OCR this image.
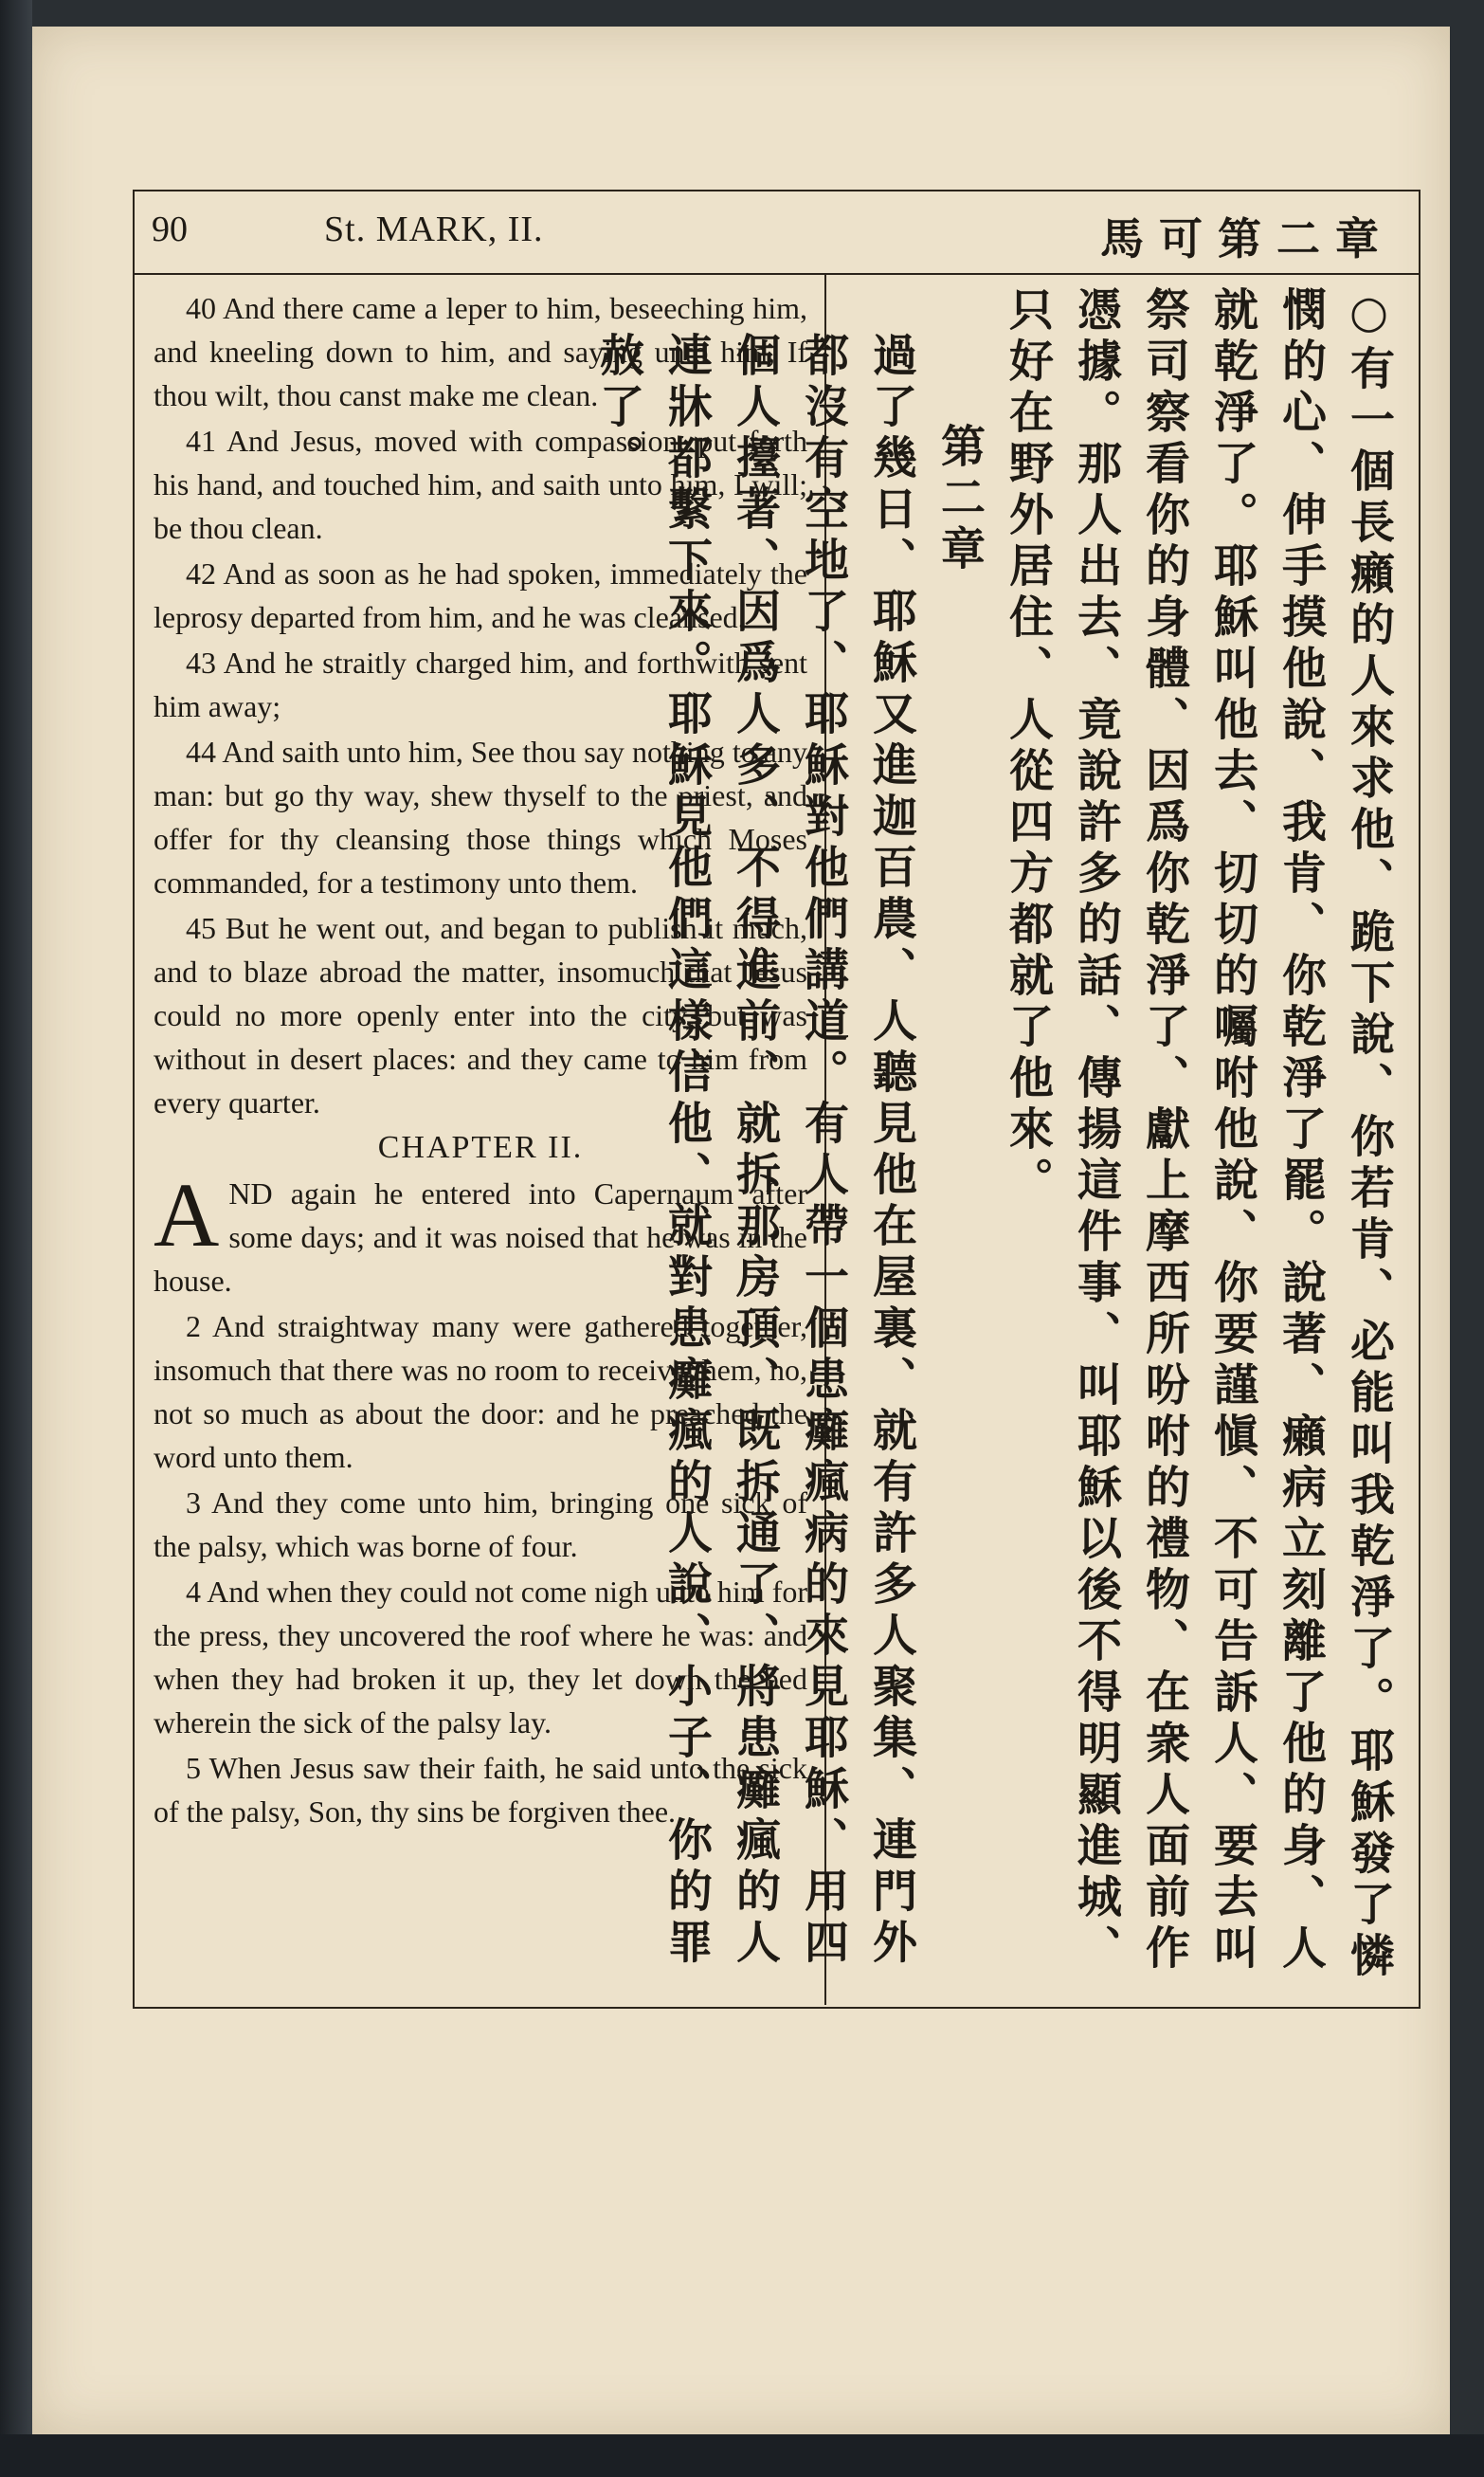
90	St. MARK, II.	馬可第二章

40 And there came a leper to him, beseeching him, and kneeling down to him, and saying unto him, If thou wilt, thou canst make me clean.

41 And Jesus, moved with compassion, put forth his hand, and touched him, and saith unto him, I will; be thou clean.

42 And as soon as he had spoken, immediately the leprosy departed from him, and he was cleansed.

43 And he straitly charged him, and forthwith sent him away;

44 And saith unto him, See thou say nothing to any man: but go thy way, shew thyself to the priest, and offer for thy cleansing those things which Moses commanded, for a testimony unto them.

45 But he went out, and began to publish it much, and to blaze abroad the matter, insomuch that Jesus could no more openly enter into the city, but was without in desert places: and they came to him from every quarter.

CHAPTER II.

AND again he entered into Capernaum after some days; and it was noised that he was in the house.

2 And straightway many were gathered together, insomuch that there was no room to receive them, no, not so much as about the door: and he preached the word unto them.

3 And they come unto him, bringing one sick of the palsy, which was borne of four.

4 And when they could not come nigh unto him for the press, they uncovered the roof where he was: and when they had broken it up, they let down the bed wherein the sick of the palsy lay.

5 When Jesus saw their faith, he said unto the sick of the palsy, Son, thy sins be forgiven thee.	○有一個長癩的人來求他、跪下說、你若肯、必能叫我乾淨了。耶穌發了憐憫的心、伸手摸他說、我肯、你乾淨了罷。說著、癩病立刻離了他的身、人就乾淨了。耶穌叫他去、切切的囑咐他說、你要謹愼、不可告訴人、要去叫祭司察看你的身體、因爲你乾淨了、獻上摩西所吩咐的禮物、在衆人面前作憑據。那人出去、竟說許多的話、傳揚這件事、叫耶穌以後不得明顯進城、只好在野外居住、人從四方都就了他來。
第二章
過了幾日、耶穌又進迦百農、人聽見他在屋裏、就有許多人聚集、連門外都沒有空地了、耶穌對他們講道。有人帶一個患癱瘋病的來見耶穌、用四個人擡著、因爲人多、不得進前、就拆那房頂、既拆通了、將患癱瘋的人連牀都繫下來。耶穌見他們這樣信他、就對患癱瘋的人說、小子、你的罪赦了。
